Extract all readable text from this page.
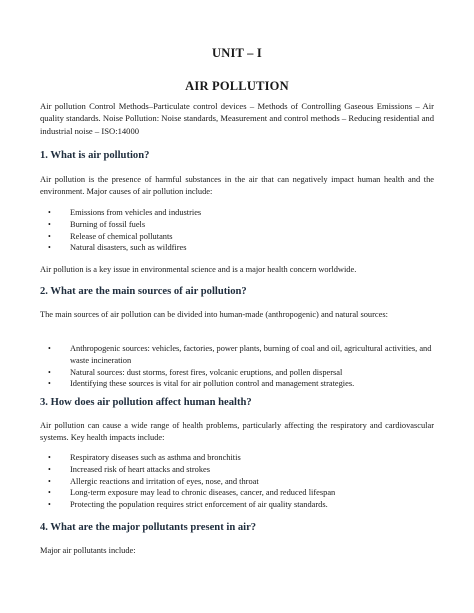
UNIT – I
AIR POLLUTION
Air pollution Control Methods–Particulate control devices – Methods of Controlling Gaseous Emissions – Air quality standards. Noise Pollution: Noise standards, Measurement and control methods – Reducing residential and industrial noise – ISO:14000
1. What is air pollution?
Air pollution is the presence of harmful substances in the air that can negatively impact human health and the environment. Major causes of air pollution include:
• Emissions from vehicles and industries
• Burning of fossil fuels
• Release of chemical pollutants
• Natural disasters, such as wildfires
Air pollution is a key issue in environmental science and is a major health concern worldwide.
2. What are the main sources of air pollution?
The main sources of air pollution can be divided into human-made (anthropogenic) and natural sources:
• Anthropogenic sources: vehicles, factories, power plants, burning of coal and oil, agricultural activities, and waste incineration
• Natural sources: dust storms, forest fires, volcanic eruptions, and pollen dispersal
• Identifying these sources is vital for air pollution control and management strategies.
3. How does air pollution affect human health?
Air pollution can cause a wide range of health problems, particularly affecting the respiratory and cardiovascular systems. Key health impacts include:
• Respiratory diseases such as asthma and bronchitis
• Increased risk of heart attacks and strokes
• Allergic reactions and irritation of eyes, nose, and throat
• Long-term exposure may lead to chronic diseases, cancer, and reduced lifespan
• Protecting the population requires strict enforcement of air quality standards.
4. What are the major pollutants present in air?
Major air pollutants include:
